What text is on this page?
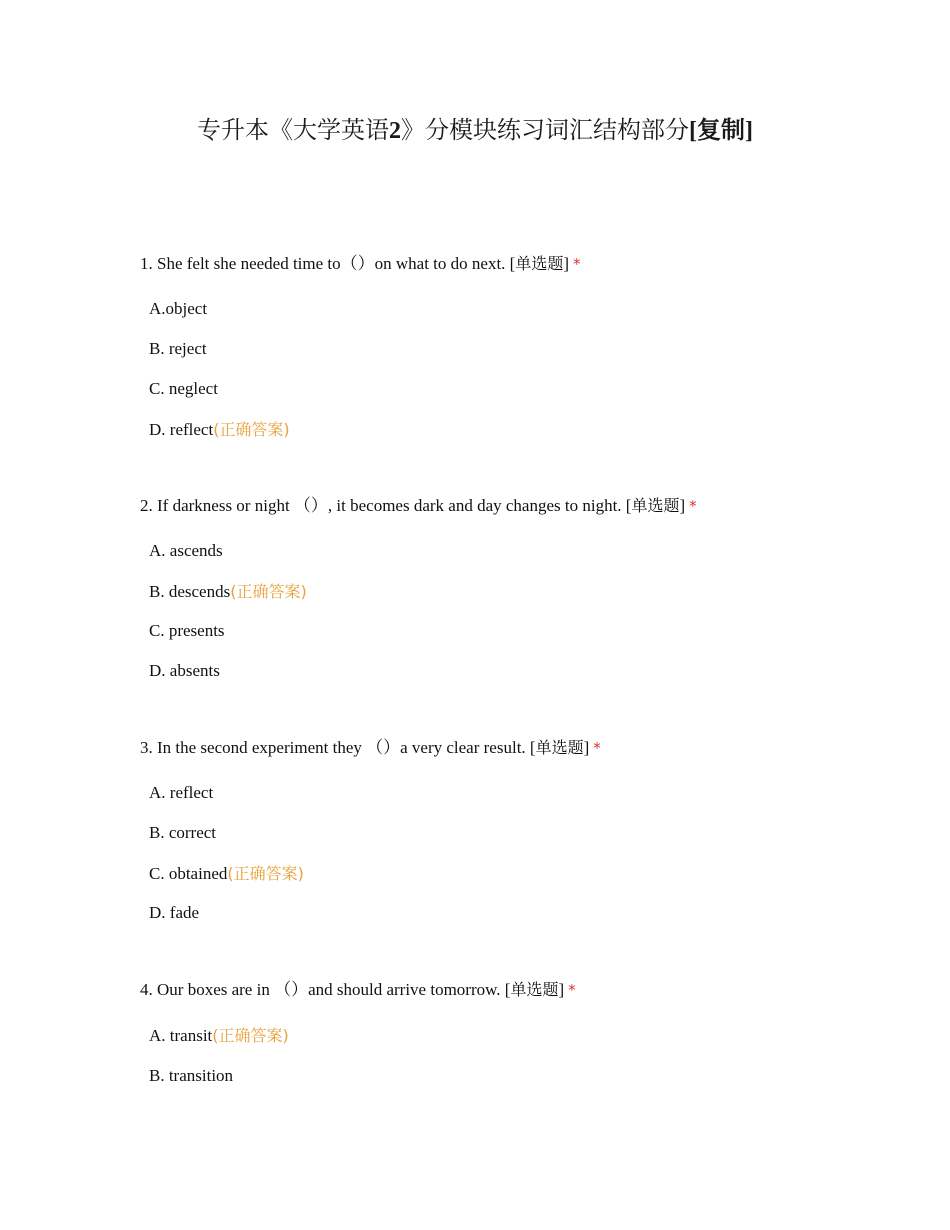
专升本《大学英语2》分模块练习词汇结构部分[复制]
1. She felt she needed time to（）on what to do next. [单选题] *
A.object
B. reject
C. neglect
D. reflect(正确答案)
2. If darkness or night （）, it becomes dark and day changes to night. [单选题] *
A. ascends
B. descends(正确答案)
C. presents
D. absents
3. In the second experiment they （）a very clear result. [单选题] *
A. reflect
B. correct
C. obtained(正确答案)
D. fade
4. Our boxes are in （）and should arrive tomorrow. [单选题] *
A. transit(正确答案)
B. transition
